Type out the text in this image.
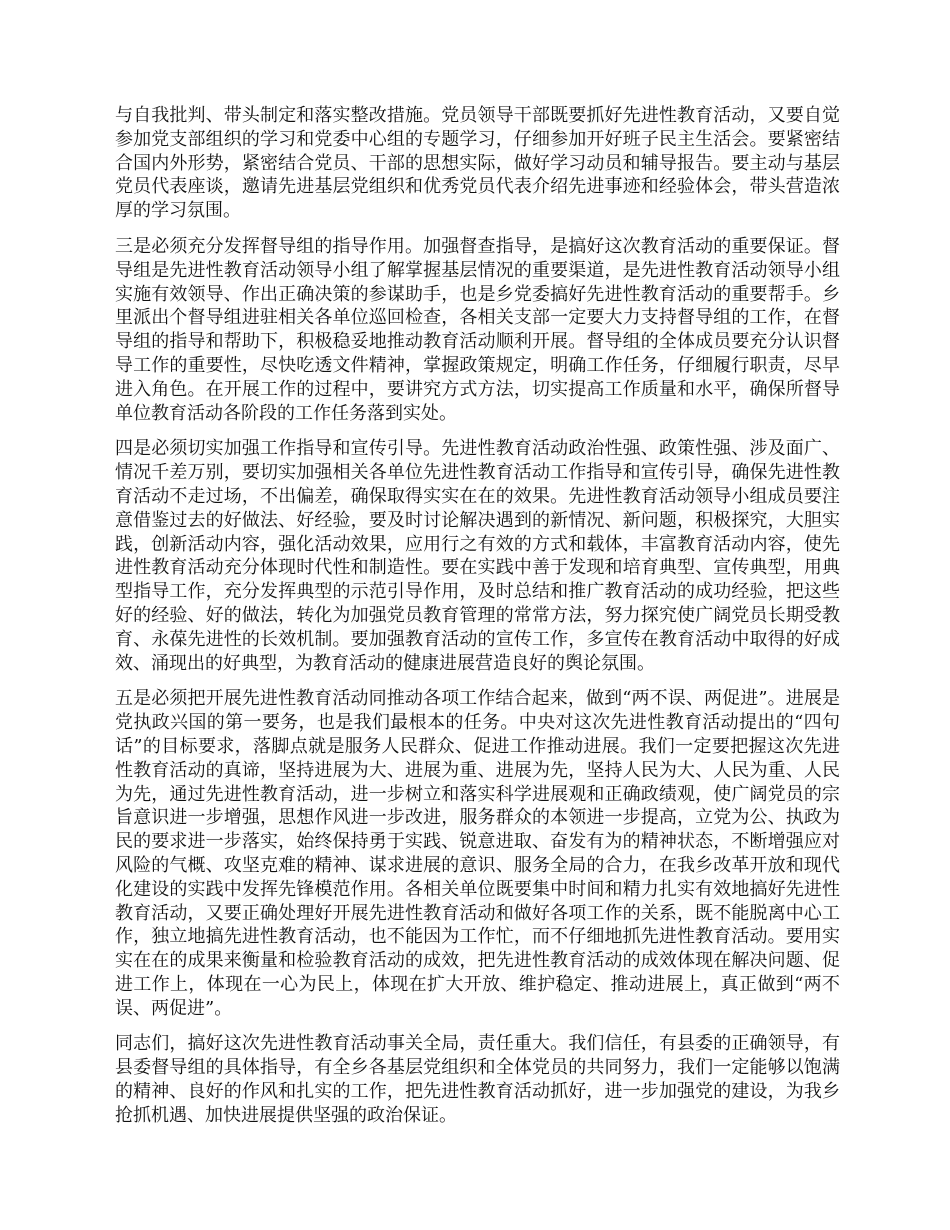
与自我批判、带头制定和落实整改措施。党员领导干部既要抓好先进性教育活动，又要自觉参加党支部组织的学习和党委中心组的专题学习，仔细参加开好班子民主生活会。要紧密结合国内外形势，紧密结合党员、干部的思想实际，做好学习动员和辅导报告。要主动与基层党员代表座谈，邀请先进基层党组织和优秀党员代表介绍先进事迹和经验体会，带头营造浓厚的学习氛围。

三是必须充分发挥督导组的指导作用。加强督查指导，是搞好这次教育活动的重要保证。督导组是先进性教育活动领导小组了解掌握基层情况的重要渠道，是先进性教育活动领导小组实施有效领导、作出正确决策的参谋助手，也是乡党委搞好先进性教育活动的重要帮手。乡里派出个督导组进驻相关各单位巡回检查，各相关支部一定要大力支持督导组的工作，在督导组的指导和帮助下，积极稳妥地推动教育活动顺利开展。督导组的全体成员要充分认识督导工作的重要性，尽快吃透文件精神，掌握政策规定，明确工作任务，仔细履行职责，尽早进入角色。在开展工作的过程中，要讲究方式方法，切实提高工作质量和水平，确保所督导单位教育活动各阶段的工作任务落到实处。

四是必须切实加强工作指导和宣传引导。先进性教育活动政治性强、政策性强、涉及面广、情况千差万别，要切实加强相关各单位先进性教育活动工作指导和宣传引导，确保先进性教育活动不走过场，不出偏差，确保取得实实在在的效果。先进性教育活动领导小组成员要注意借鉴过去的好做法、好经验，要及时讨论解决遇到的新情况、新问题，积极探究，大胆实践，创新活动内容，强化活动效果，应用行之有效的方式和载体，丰富教育活动内容，使先进性教育活动充分体现时代性和制造性。要在实践中善于发现和培育典型、宣传典型，用典型指导工作，充分发挥典型的示范引导作用，及时总结和推广教育活动的成功经验，把这些好的经验、好的做法，转化为加强党员教育管理的常常方法，努力探究使广阔党员长期受教育、永葆先进性的长效机制。要加强教育活动的宣传工作，多宣传在教育活动中取得的好成效、涌现出的好典型，为教育活动的健康进展营造良好的舆论氛围。

五是必须把开展先进性教育活动同推动各项工作结合起来，做到“两不误、两促进”。进展是党执政兴国的第一要务，也是我们最根本的任务。中央对这次先进性教育活动提出的“四句话”的目标要求，落脚点就是服务人民群众、促进工作推动进展。我们一定要把握这次先进性教育活动的真谛，坚持进展为大、进展为重、进展为先，坚持人民为大、人民为重、人民为先，通过先进性教育活动，进一步树立和落实科学进展观和正确政绩观，使广阔党员的宗旨意识进一步增强，思想作风进一步改进，服务群众的本领进一步提高，立党为公、执政为民的要求进一步落实，始终保持勇于实践、锐意进取、奋发有为的精神状态，不断增强应对风险的气概、攻坚克难的精神、谋求进展的意识、服务全局的合力，在我乡改革开放和现代化建设的实践中发挥先锋模范作用。各相关单位既要集中时间和精力扎实有效地搞好先进性教育活动，又要正确处理好开展先进性教育活动和做好各项工作的关系，既不能脱离中心工作，独立地搞先进性教育活动，也不能因为工作忙，而不仔细地抓先进性教育活动。要用实实在在的成果来衡量和检验教育活动的成效，把先进性教育活动的成效体现在解决问题、促进工作上，体现在一心为民上，体现在扩大开放、维护稳定、推动进展上，真正做到“两不误、两促进”。

同志们，搞好这次先进性教育活动事关全局，责任重大。我们信任，有县委的正确领导，有县委督导组的具体指导，有全乡各基层党组织和全体党员的共同努力，我们一定能够以饱满的精神、良好的作风和扎实的工作，把先进性教育活动抓好，进一步加强党的建设，为我乡抢抓机遇、加快进展提供坚强的政治保证。
